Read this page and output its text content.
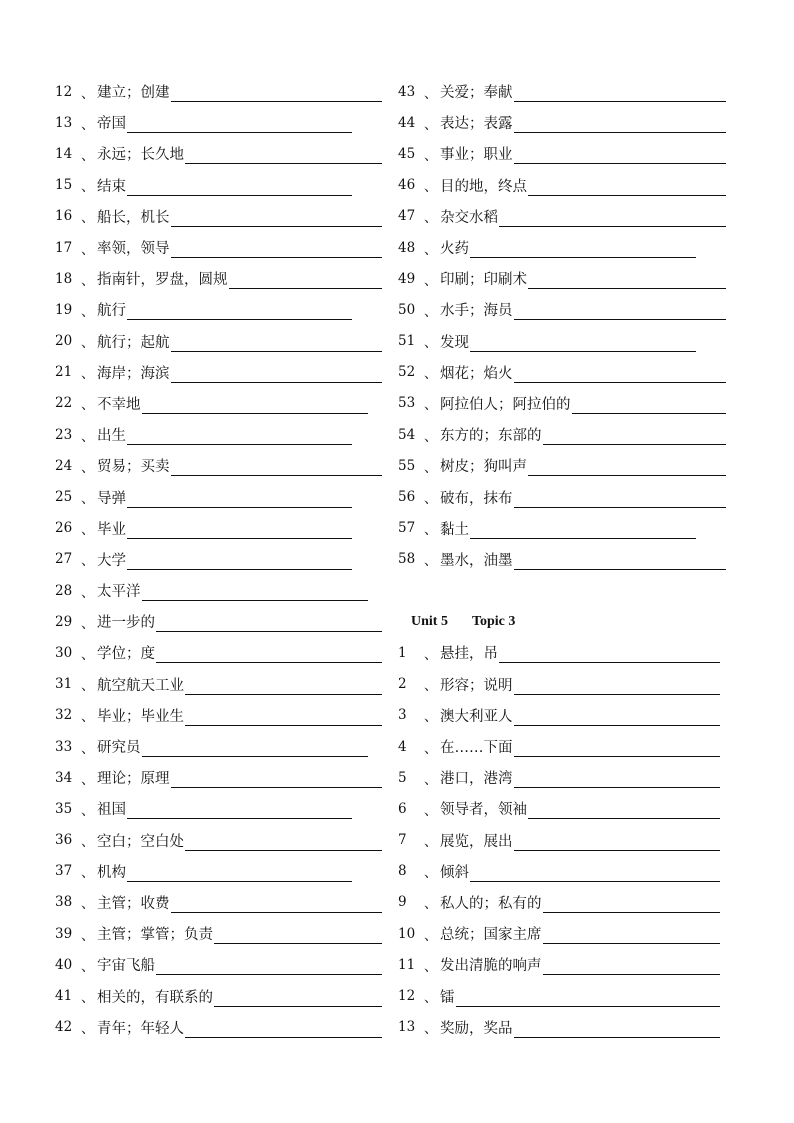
12 、 建立；创建
13 、 帝国
14 、 永远；长久地
15 、 结束
16 、 船长，机长
17 、 率领，领导
18 、 指南针，罗盘，圆规
19 、 航行
20 、 航行；起航
21 、 海岸；海滨
22 、 不幸地
23 、 出生
24 、 贸易；买卖
25 、 导弹
26 、 毕业
27 、 大学
28 、 太平洋
29 、 进一步的
30 、 学位；度
31 、 航空航天工业
32 、 毕业；毕业生
33 、 研究员
34 、 理论；原理
35 、 祖国
36 、 空白；空白处
37 、 机构
38 、 主管；收费
39 、 主管；掌管；负责
40 、 宇宙飞船
41 、 相关的，有联系的
42 、 青年；年轻人
43 、 关爱；奉献
44 、 表达；表露
45 、 事业；职业
46 、 目的地，终点
47 、 杂交水稻
48 、 火药
49 、 印刷；印刷术
50 、 水手；海员
51 、 发现
52 、 烟花；焰火
53 、 阿拉伯人；阿拉伯的
54 、 东方的；东部的
55 、 树皮；狗叫声
56 、 破布，抹布
57 、 黏土
58 、 墨水，油墨
Unit 5 Topic 3
1	、 悬挂，吊
2	、 形容；说明
3	、 澳大利亚人
4	、 在……下面
5	、 港口，港湾
6	、 领导者，领袖
7	、 展览，展出
8	、 倾斜
9	、 私人的；私有的
10 、 总统；国家主席
11 、 发出清脆的响声
12 、 镭
13 、 奖励，奖品
